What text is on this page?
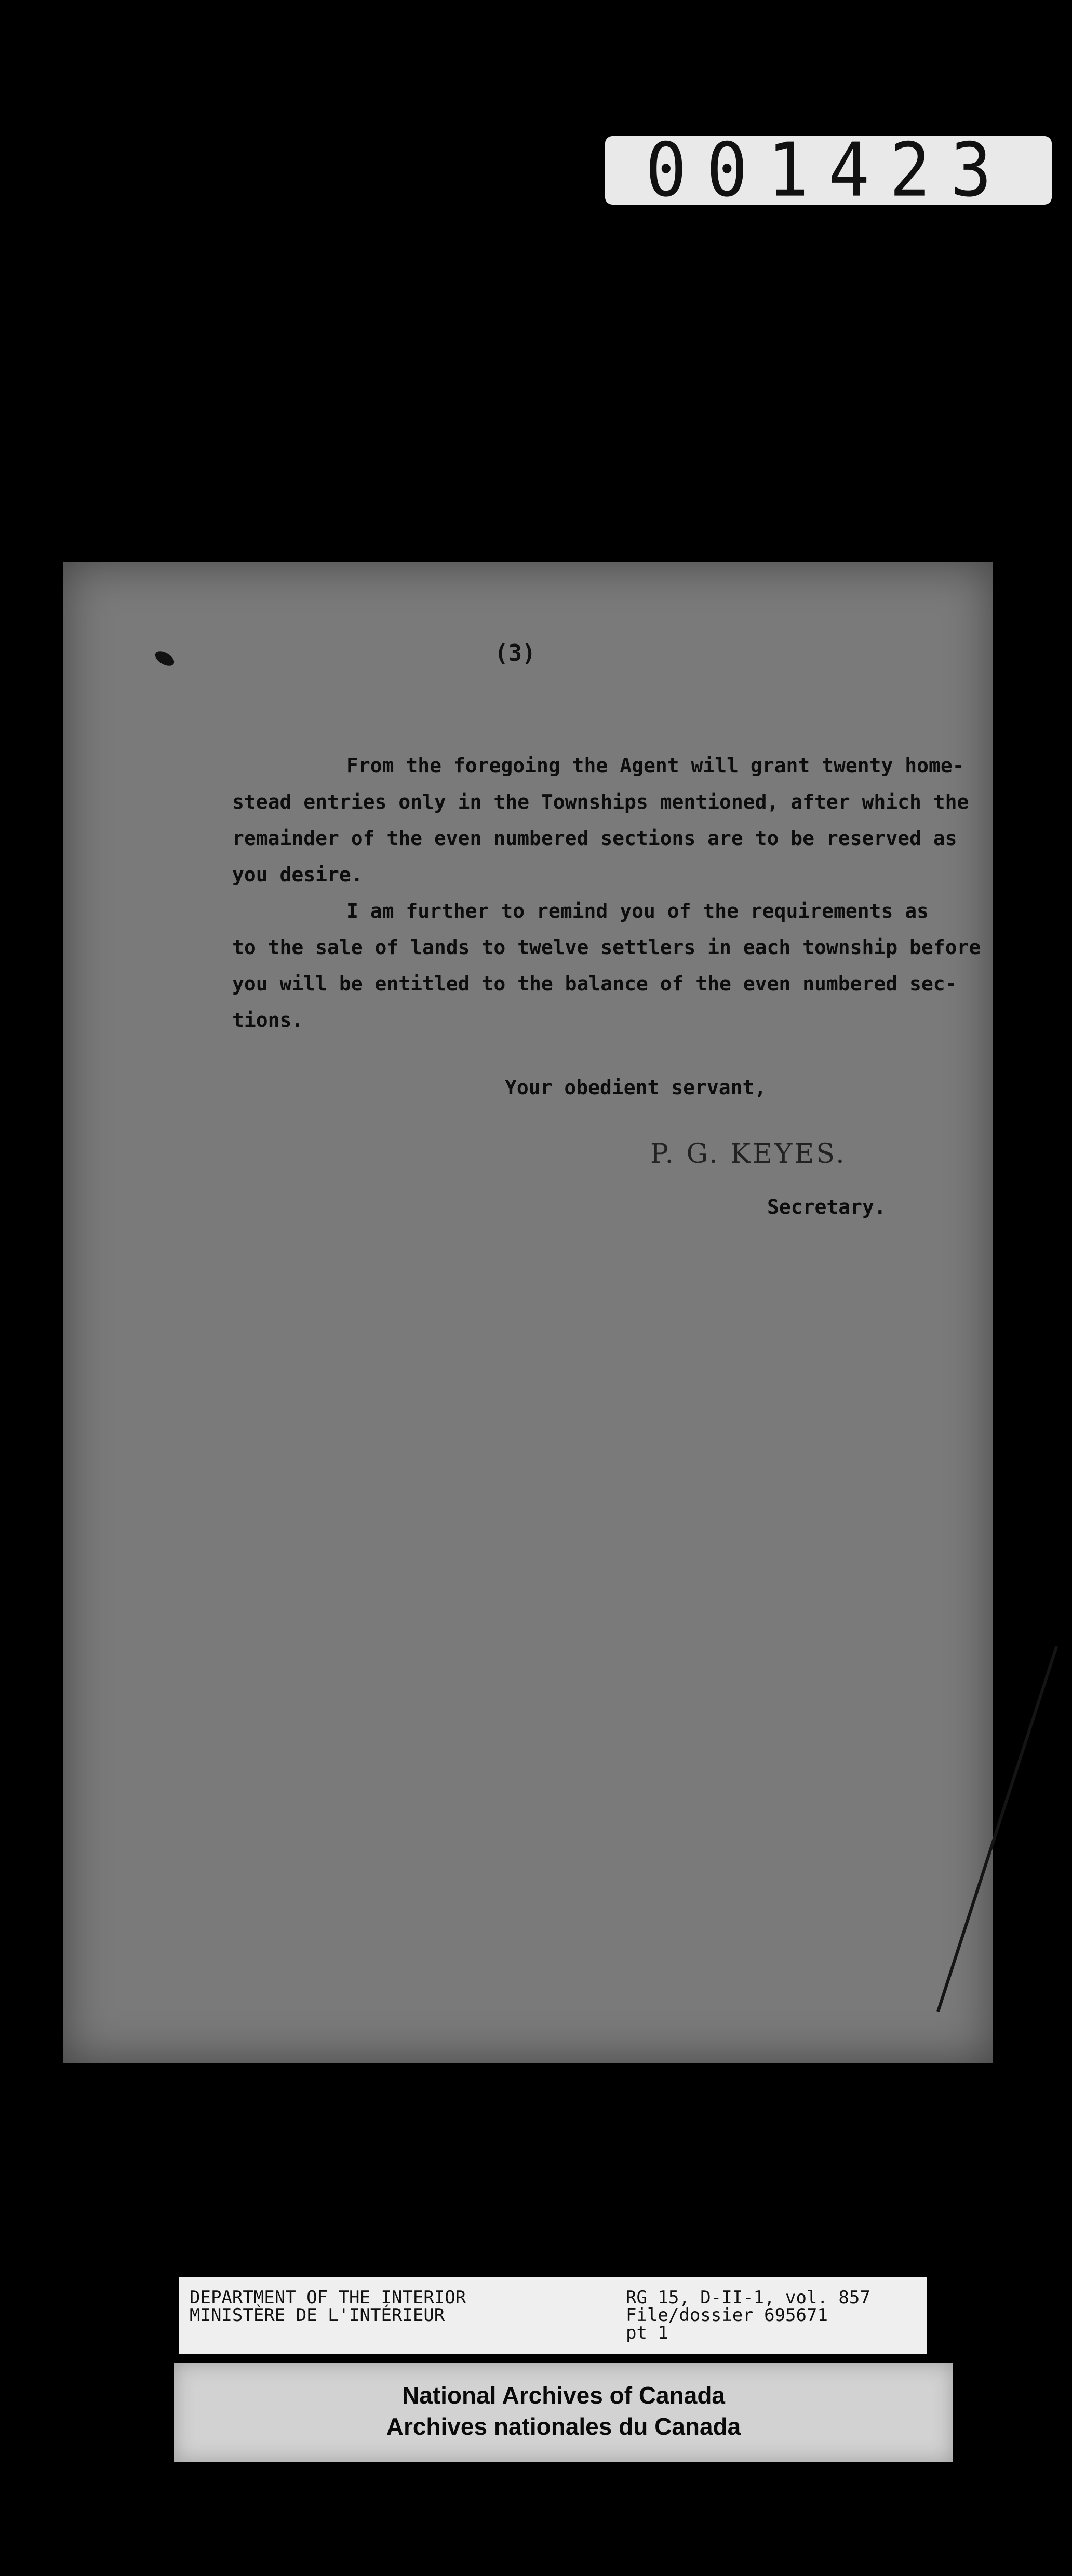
001423
(3)
From the foregoing the Agent will grant twenty home-
stead entries only in the Townships mentioned, after which the
remainder of the even numbered sections are to be reserved as
you desire.
I am further to remind you of the requirements as
to the sale of lands to twelve settlers in each township before
you will be entitled to the balance of the even numbered sec-
tions.
Your obedient servant,
P. G. KEYES.
Secretary.
DEPARTMENT OF THE INTERIOR
MINISTÈRE DE L'INTÉRIEUR
RG 15, D-II-1, vol. 857
File/dossier 695671
pt 1
National Archives of Canada
Archives nationales du Canada
